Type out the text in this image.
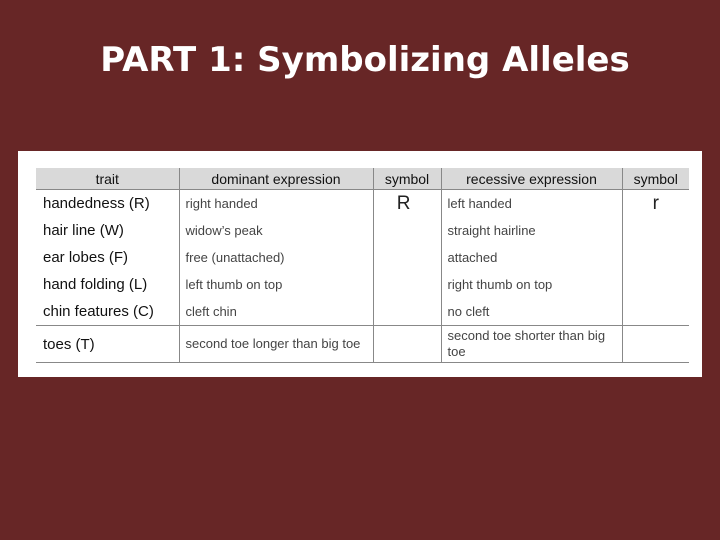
PART 1: Symbolizing Alleles
trait	dominant expression	symbol	recessive expression	symbol
handedness (R)	right handed	R	left handed	r
hair line (W)	widow’s peak		straight hairline	
ear lobes (F)	free (unattached)		attached	
hand folding (L)	left thumb on top		right thumb on top	
chin features (C)	cleft chin		no cleft	
toes (T)	second toe longer than big toe		second toe shorter than big toe	
